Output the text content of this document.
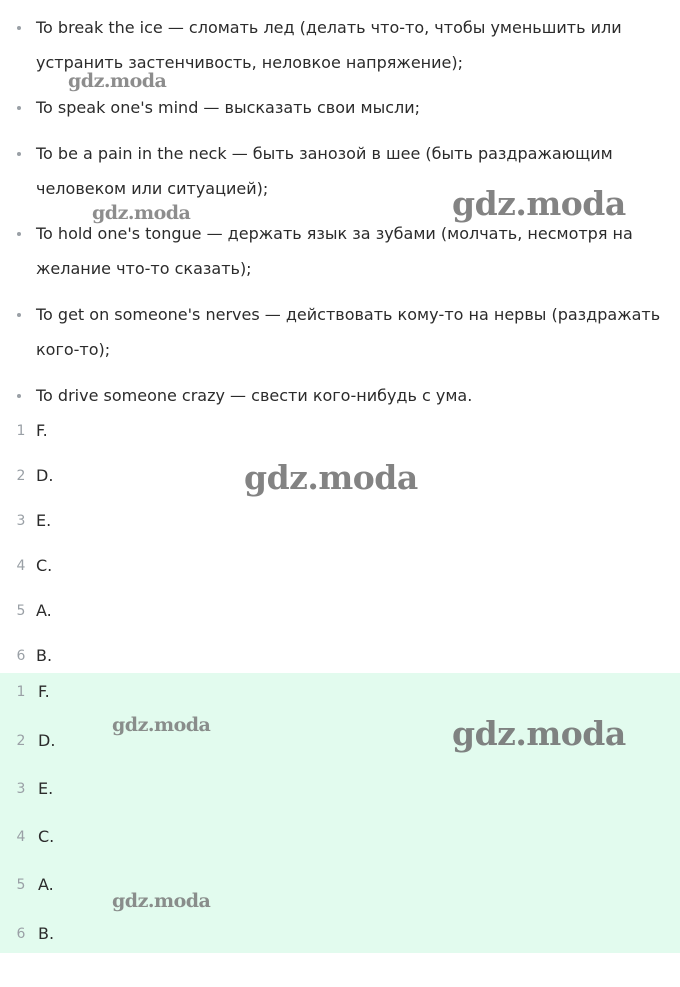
To break the ice — сломать лед (делать что-то, чтобы уменьшить или устранить застенчивость, неловкое напряжение);
To speak one's mind — высказать свои мысли;
To be a pain in the neck — быть занозой в шее (быть раздражающим человеком или ситуацией);
To hold one's tongue — держать язык за зубами (молчать, несмотря на желание что-то сказать);
To get on someone's nerves — действовать кому-то на нервы (раздражать кого-то);
To drive someone crazy — свести кого-нибудь с ума.
1 F.
2 D.
3 E.
4 C.
5 A.
6 B.
1 F.
2 D.
3 E.
4 C.
5 A.
6 B.
gdz.moda
gdz.moda	gdz.moda
gdz.moda
gdz.moda	gdz.moda
gdz.moda
